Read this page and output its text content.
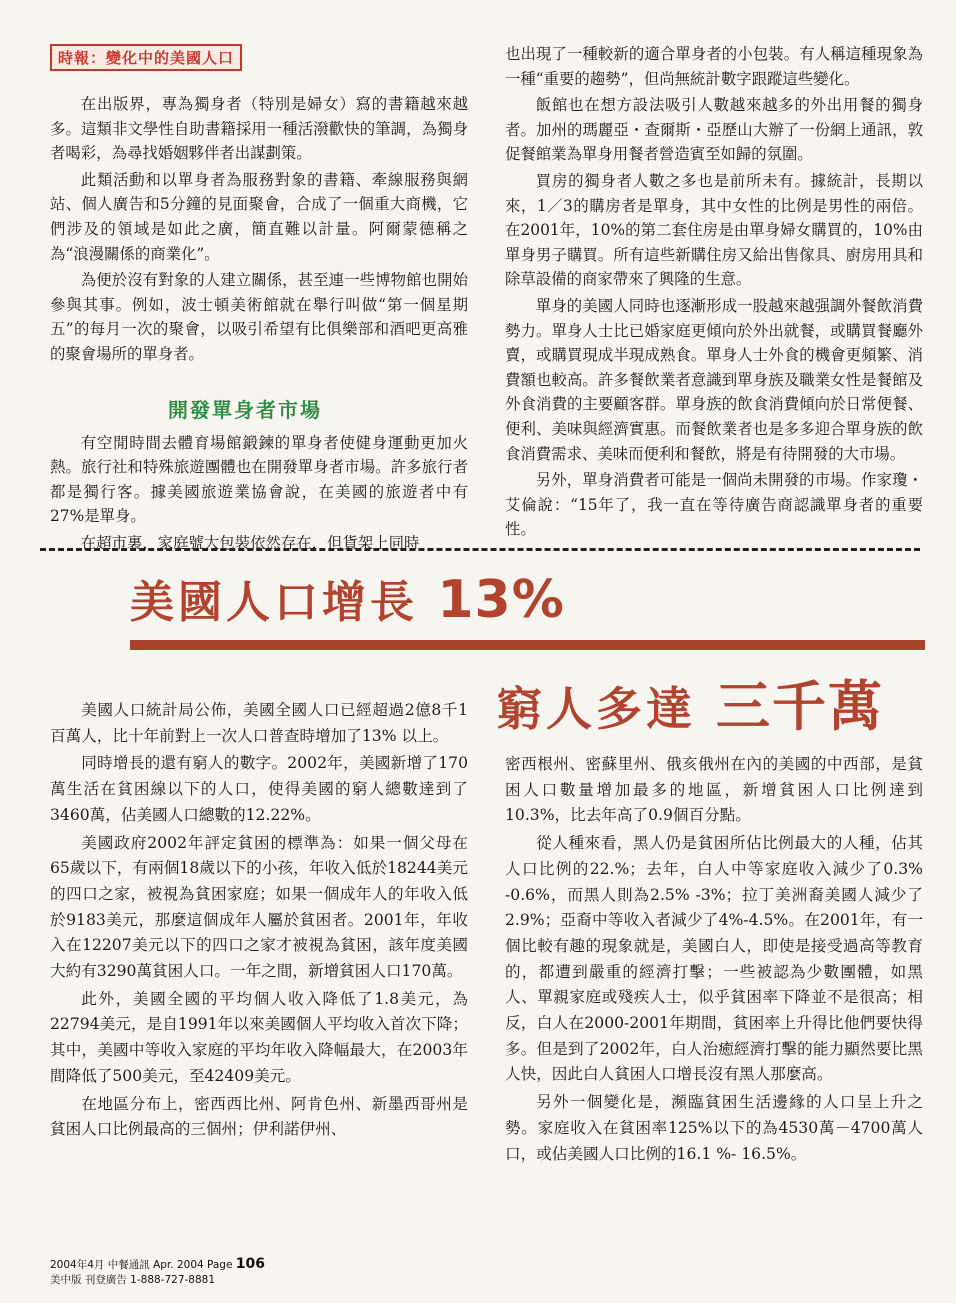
時報：變化中的美國人口

在出版界，專為獨身者（特別是婦女）寫的書籍越來越多。這類非文學性自助書籍採用一種活潑歡快的筆調，為獨身者喝彩，為尋找婚姻夥伴者出謀劃策。

此類活動和以單身者為服務對象的書籍、牽線服務與網站、個人廣告和5分鐘的見面聚會，合成了一個重大商機，它們涉及的領域是如此之廣，簡直難以計量。阿爾蒙德稱之為“浪漫關係的商業化”。

為便於沒有對象的人建立關係，甚至連一些博物館也開始參與其事。例如，波士頓美術館就在舉行叫做“第一個星期五”的每月一次的聚會，以吸引希望有比俱樂部和酒吧更高雅的聚會場所的單身者。

有空閒時間去體育場館鍛鍊的單身者使健身運動更加火熱。旅行社和特殊旅遊團體也在開發單身者市場。許多旅行者都是獨行客。據美國旅遊業協會說，在美國的旅遊者中有27%是單身。

在超市裏，家庭號大包裝依然存在，但貨架上同時

開發單身者市場

也出現了一種較新的適合單身者的小包裝。有人稱這種現象為一種“重要的趨勢”，但尚無統計數字跟蹤這些變化。

飯館也在想方設法吸引人數越來越多的外出用餐的獨身者。加州的瑪麗亞・查爾斯・亞歷山大辦了一份網上通訊，敦促餐館業為單身用餐者營造賓至如歸的氛圍。

買房的獨身者人數之多也是前所未有。據統計，長期以來，1／3的購房者是單身，其中女性的比例是男性的兩倍。在2001年，10%的第二套住房是由單身婦女購買的，10%由單身男子購買。所有這些新購住房又給出售傢具、廚房用具和除草設備的商家帶來了興隆的生意。

單身的美國人同時也逐漸形成一股越來越强調外餐飲消費勢力。單身人士比已婚家庭更傾向於外出就餐，或購買餐廳外賣，或購買現成半現成熟食。單身人士外食的機會更頻繁、消費額也較高。許多餐飲業者意識到單身族及職業女性是餐館及外食消費的主要顧客群。單身族的飲食消費傾向於日常便餐、便利、美味與經濟實惠。而餐飲業者也是多多迎合單身族的飲食消費需求、美味而便利和餐飲，將是有待開發的大市場。

另外，單身消費者可能是一個尚未開發的市場。作家瓊・艾倫說：“15年了，我一直在等待廣告商認識單身者的重要性。

美國人口增長 13%
窮人多達 三千萬

美國人口統計局公佈，美國全國人口已經超過2億8千1百萬人，比十年前對上一次人口普查時增加了13% 以上。

同時增長的還有窮人的數字。2002年，美國新增了170萬生活在貧困線以下的人口，使得美國的窮人總數達到了3460萬，佔美國人口總數的12.22%。

美國政府2002年評定貧困的標準為：如果一個父母在65歲以下，有兩個18歲以下的小孩，年收入低於18244美元的四口之家，被視為貧困家庭；如果一個成年人的年收入低於9183美元，那麼這個成年人屬於貧困者。2001年，年收入在12207美元以下的四口之家才被視為貧困，該年度美國大約有3290萬貧困人口。一年之間，新增貧困人口170萬。

此外，美國全國的平均個人收入降低了1.8美元，為22794美元，是自1991年以來美國個人平均收入首次下降；其中，美國中等收入家庭的平均年收入降幅最大，在2003年間降低了500美元，至42409美元。

在地區分布上，密西西比州、阿肯色州、新墨西哥州是貧困人口比例最高的三個州；伊利諾伊州、

密西根州、密蘇里州、俄亥俄州在內的美國的中西部，是貧困人口數量增加最多的地區，新增貧困人口比例達到10.3%，比去年高了0.9個百分點。

從人種來看，黑人仍是貧困所佔比例最大的人種，佔其人口比例的22.%；去年，白人中等家庭收入減少了0.3% -0.6%，而黑人則為2.5% -3%；拉丁美洲裔美國人減少了2.9%；亞裔中等收入者減少了4%-4.5%。在2001年，有一個比較有趣的現象就是，美國白人，即使是接受過高等教育的，都遭到嚴重的經濟打擊；一些被認為少數團體，如黑人、單親家庭或殘疾人士，似乎貧困率下降並不是很高；相反，白人在2000-2001年期間，貧困率上升得比他們要快得多。但是到了2002年，白人治癒經濟打擊的能力顯然要比黑人快，因此白人貧困人口增長沒有黑人那麼高。

另外一個變化是，瀕臨貧困生活邊緣的人口呈上升之勢。家庭收入在貧困率125%以下的為4530萬－4700萬人口，或佔美國人口比例的16.1 %- 16.5%。

2004年4月 中餐通訊 Apr. 2004 Page 106
美中版 刊登廣告 1-888-727-8881
